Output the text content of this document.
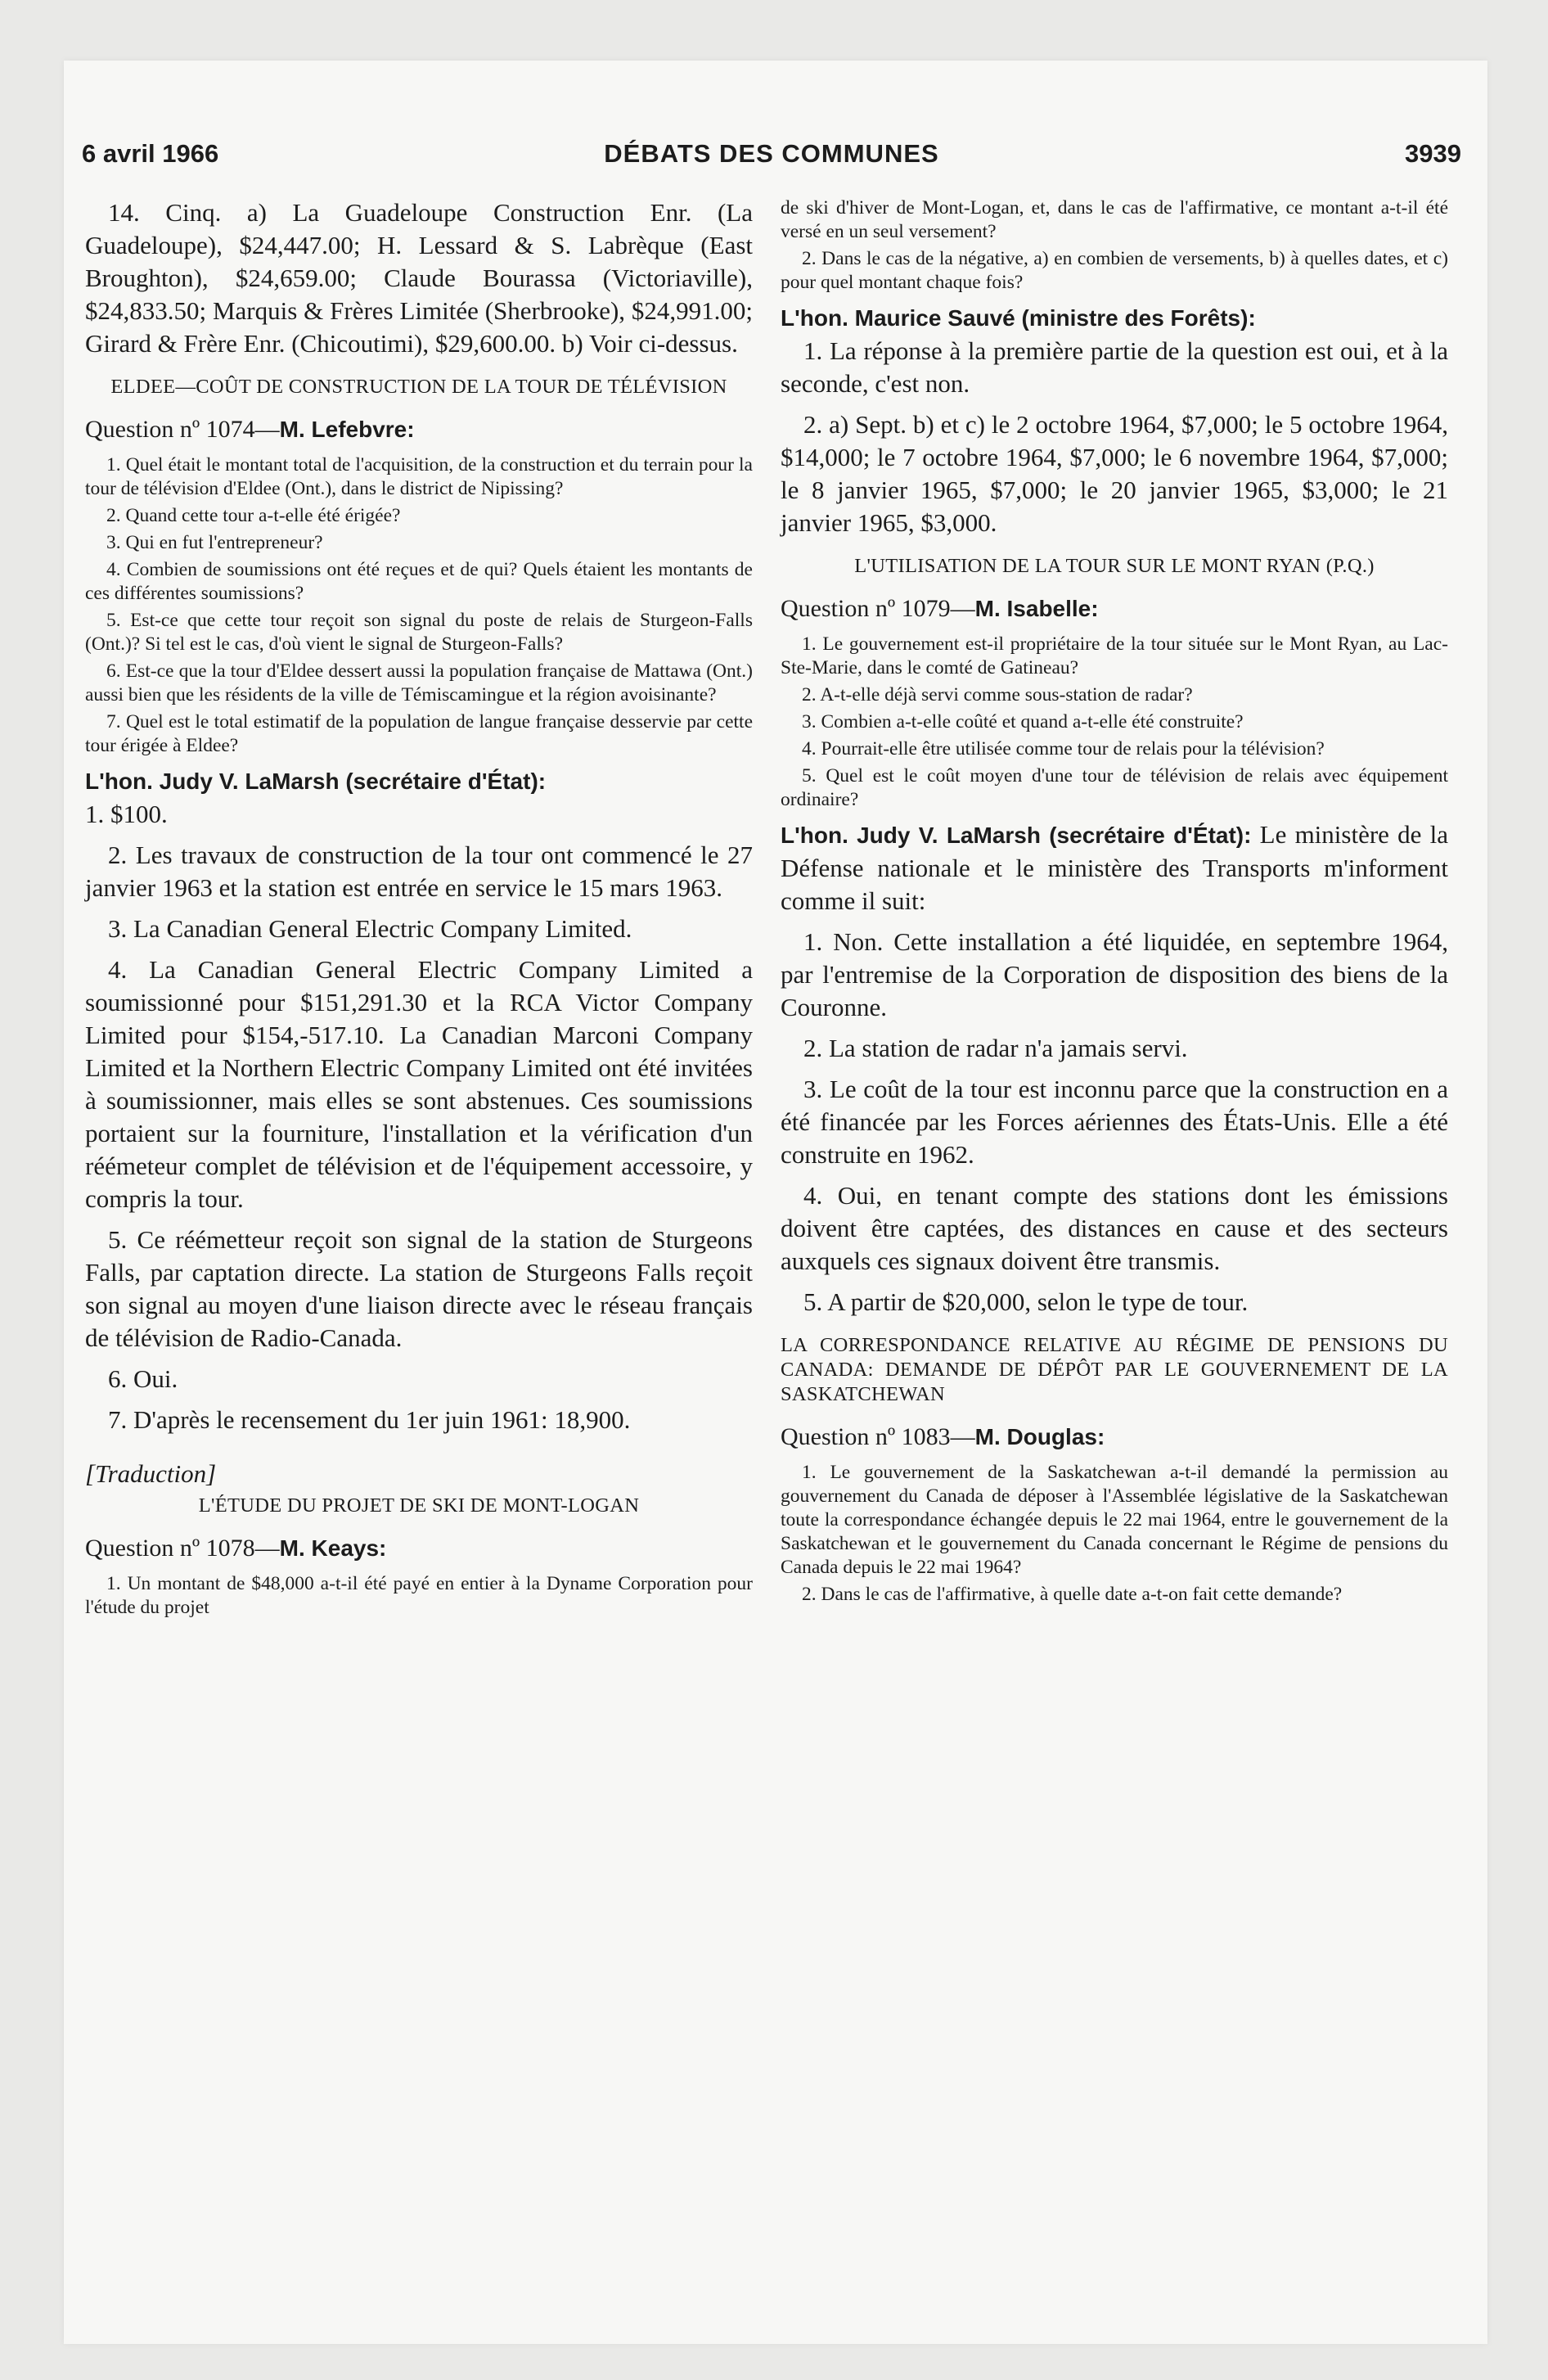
6 avril 1966	DÉBATS DES COMMUNES	3939

14. Cinq. a) La Guadeloupe Construction Enr. (La Guadeloupe), $24,447.00; H. Lessard & S. Labrèque (East Broughton), $24,659.00; Claude Bourassa (Victoriaville), $24,833.50; Marquis & Frères Limitée (Sherbrooke), $24,991.00; Girard & Frère Enr. (Chicoutimi), $29,600.00. b) Voir ci-dessus.

ELDEE—COÛT DE CONSTRUCTION DE LA TOUR DE TÉLÉVISION
Question nº 1074—M. Lefebvre:

1. Quel était le montant total de l'acquisition, de la construction et du terrain pour la tour de télévision d'Eldee (Ont.), dans le district de Nipissing?

2. Quand cette tour a-t-elle été érigée?

3. Qui en fut l'entrepreneur?

4. Combien de soumissions ont été reçues et de qui? Quels étaient les montants de ces différentes soumissions?

5. Est-ce que cette tour reçoit son signal du poste de relais de Sturgeon-Falls (Ont.)? Si tel est le cas, d'où vient le signal de Sturgeon-Falls?

6. Est-ce que la tour d'Eldee dessert aussi la population française de Mattawa (Ont.) aussi bien que les résidents de la ville de Témiscamingue et la région avoisinante?

7. Quel est le total estimatif de la population de langue française desservie par cette tour érigée à Eldee?

L'hon. Judy V. LaMarsh (secrétaire d'État):

1. $100.

2. Les travaux de construction de la tour ont commencé le 27 janvier 1963 et la station est entrée en service le 15 mars 1963.

3. La Canadian General Electric Company Limited.

4. La Canadian General Electric Company Limited a soumissionné pour $151,291.30 et la RCA Victor Company Limited pour $154,-517.10. La Canadian Marconi Company Limited et la Northern Electric Company Limited ont été invitées à soumissionner, mais elles se sont abstenues. Ces soumissions portaient sur la fourniture, l'installation et la vérification d'un réémeteur complet de télévision et de l'équipement accessoire, y compris la tour.

5. Ce réémetteur reçoit son signal de la station de Sturgeons Falls, par captation directe. La station de Sturgeons Falls reçoit son signal au moyen d'une liaison directe avec le réseau français de télévision de Radio-Canada.

6. Oui.

7. D'après le recensement du 1er juin 1961: 18,900.

[Traduction]
L'ÉTUDE DU PROJET DE SKI DE MONT-LOGAN
Question nº 1078—M. Keays:

1. Un montant de $48,000 a-t-il été payé en entier à la Dyname Corporation pour l'étude du projet

de ski d'hiver de Mont-Logan, et, dans le cas de l'affirmative, ce montant a-t-il été versé en un seul versement?

2. Dans le cas de la négative, a) en combien de versements, b) à quelles dates, et c) pour quel montant chaque fois?

L'hon. Maurice Sauvé (ministre des Forêts):

1. La réponse à la première partie de la question est oui, et à la seconde, c'est non.

2. a) Sept. b) et c) le 2 octobre 1964, $7,000; le 5 octobre 1964, $14,000; le 7 octobre 1964, $7,000; le 6 novembre 1964, $7,000; le 8 janvier 1965, $7,000; le 20 janvier 1965, $3,000; le 21 janvier 1965, $3,000.

L'UTILISATION DE LA TOUR SUR LE MONT RYAN (P.Q.)
Question nº 1079—M. Isabelle:

1. Le gouvernement est-il propriétaire de la tour située sur le Mont Ryan, au Lac-Ste-Marie, dans le comté de Gatineau?

2. A-t-elle déjà servi comme sous-station de radar?

3. Combien a-t-elle coûté et quand a-t-elle été construite?

4. Pourrait-elle être utilisée comme tour de relais pour la télévision?

5. Quel est le coût moyen d'une tour de télévision de relais avec équipement ordinaire?

L'hon. Judy V. LaMarsh (secrétaire d'État): Le ministère de la Défense nationale et le ministère des Transports m'informent comme il suit:

1. Non. Cette installation a été liquidée, en septembre 1964, par l'entremise de la Corporation de disposition des biens de la Couronne.

2. La station de radar n'a jamais servi.

3. Le coût de la tour est inconnu parce que la construction en a été financée par les Forces aériennes des États-Unis. Elle a été construite en 1962.

4. Oui, en tenant compte des stations dont les émissions doivent être captées, des distances en cause et des secteurs auxquels ces signaux doivent être transmis.

5. A partir de $20,000, selon le type de tour.

LA CORRESPONDANCE RELATIVE AU RÉGIME DE PENSIONS DU CANADA: DEMANDE DE DÉPÔT PAR LE GOUVERNEMENT DE LA SASKATCHEWAN
Question nº 1083—M. Douglas:

1. Le gouvernement de la Saskatchewan a-t-il demandé la permission au gouvernement du Canada de déposer à l'Assemblée législative de la Saskatchewan toute la correspondance échangée depuis le 22 mai 1964, entre le gouvernement de la Saskatchewan et le gouvernement du Canada concernant le Régime de pensions du Canada depuis le 22 mai 1964?

2. Dans le cas de l'affirmative, à quelle date a-t-on fait cette demande?
